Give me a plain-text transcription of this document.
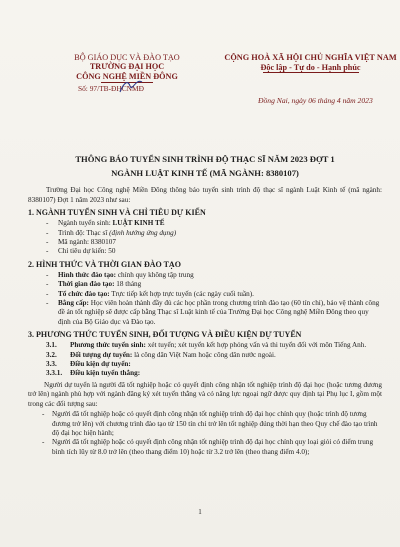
BỘ GIÁO DỤC VÀ ĐÀO TẠO
TRƯỜNG ĐẠI HỌC
CÔNG NGHỆ MIỀN ĐÔNG
Số: 97/TB-ĐHCNMĐ
CỘNG HOÀ XÃ HỘI CHỦ NGHĨA VIỆT NAM
Độc lập - Tự do - Hạnh phúc
Đồng Nai, ngày 06 tháng 4 năm 2023
THÔNG BÁO TUYỂN SINH TRÌNH ĐỘ THẠC SĨ NĂM 2023 ĐỢT 1
NGÀNH LUẬT KINH TẾ (MÃ NGÀNH: 8380107)
Trường Đại học Công nghệ Miền Đông thông báo tuyển sinh trình độ thạc sĩ ngành Luật Kinh tế (mã ngành: 8380107) Đợt 1 năm 2023 như sau:
1. NGÀNH TUYỂN SINH VÀ CHỈ TIÊU DỰ KIẾN
- Ngành tuyển sinh: LUẬT KINH TẾ
- Trình độ: Thạc sĩ (định hướng ứng dụng)
- Mã ngành: 8380107
- Chỉ tiêu dự kiến: 50
2. HÌNH THỨC VÀ THỜI GIAN ĐÀO TẠO
- Hình thức đào tạo: chính quy không tập trung
- Thời gian đào tạo: 18 tháng
- Tổ chức đào tạo: Trực tiếp kết hợp trực tuyến (các ngày cuối tuần).
- Bằng cấp: Học viên hoàn thành đầy đủ các học phần trong chương trình đào tạo (60 tín chỉ), bảo vệ thành công đề án tốt nghiệp sẽ được cấp bằng Thạc sĩ Luật kinh tế của Trường Đại học Công nghệ Miền Đông theo quy định của Bộ Giáo dục và Đào tạo.
3. PHƯƠNG THỨC TUYỂN SINH, ĐỐI TƯỢNG VÀ ĐIỀU KIỆN DỰ TUYỂN
3.1.	Phương thức tuyển sinh: xét tuyển; xét tuyển kết hợp phỏng vấn và thi tuyển đối với môn Tiếng Anh.
3.2.	Đối tượng dự tuyển: là công dân Việt Nam hoặc công dân nước ngoài.
3.3.	Điều kiện dự tuyển:
3.3.1.	Điều kiện tuyển thẳng:
Người dự tuyển là người đã tốt nghiệp hoặc có quyết định công nhận tốt nghiệp trình độ đại học (hoặc tương đương trở lên) ngành phù hợp với ngành đăng ký xét tuyển thẳng và có năng lực ngoại ngữ được quy định tại Phụ lục I, gồm một trong các đối tượng sau:
- Người đã tốt nghiệp hoặc có quyết định công nhận tốt nghiệp trình độ đại học chính quy (hoặc trình độ tương đương trở lên) với chương trình đào tạo từ 150 tín chỉ trở lên tốt nghiệp đúng thời hạn theo Quy chế đào tạo trình độ đại học hiện hành;
- Người đã tốt nghiệp hoặc có quyết định công nhận tốt nghiệp trình độ đại học chính quy loại giỏi có điểm trung bình tích lũy từ 8.0 trở lên (theo thang điểm 10) hoặc từ 3.2 trở lên (theo thang điểm 4.0);
1
